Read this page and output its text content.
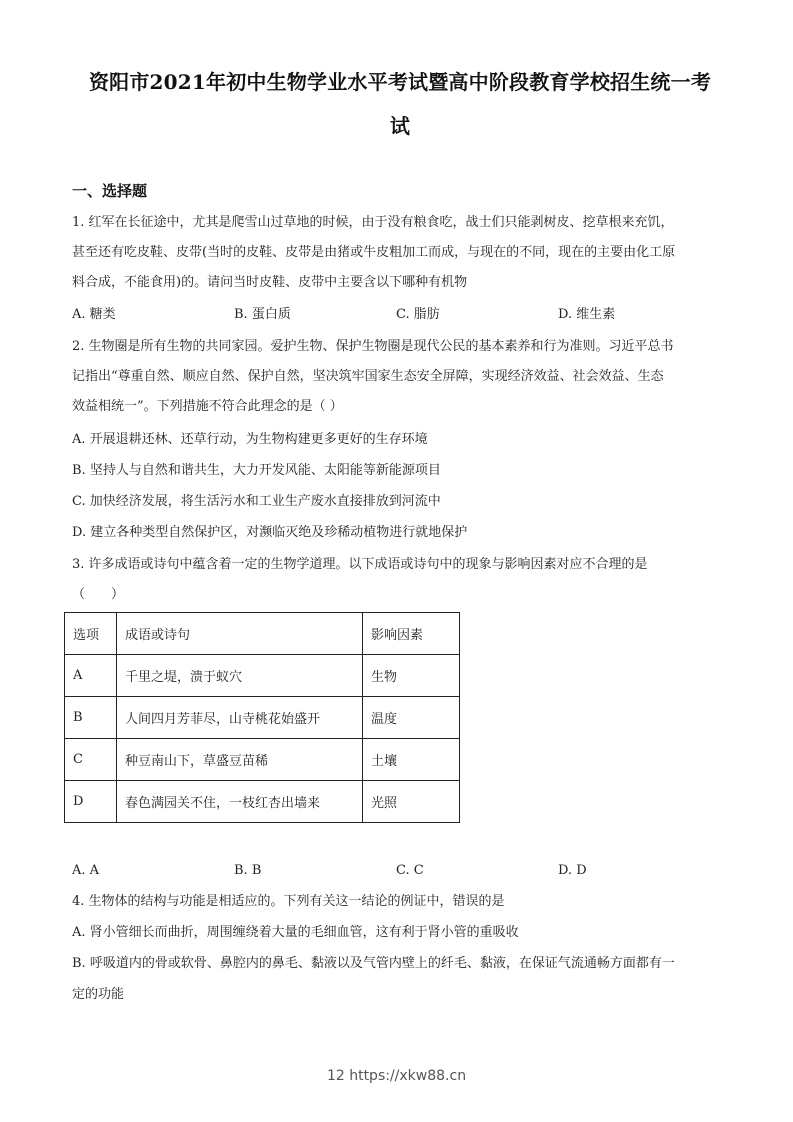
资阳市2021年初中生物学业水平考试暨高中阶段教育学校招生统一考
试
一、选择题
1. 红军在长征途中，尤其是爬雪山过草地的时候，由于没有粮食吃，战士们只能剥树皮、挖草根来充饥，
甚至还有吃皮鞋、皮带(当时的皮鞋、皮带是由猪或牛皮粗加工而成，与现在的不同，现在的主要由化工原
料合成，不能食用)的。请问当时皮鞋、皮带中主要含以下哪种有机物
A. 糖类	B. 蛋白质	C. 脂肪	D. 维生素
2. 生物圈是所有生物的共同家园。爱护生物、保护生物圈是现代公民的基本素养和行为准则。习近平总书
记指出“尊重自然、顺应自然、保护自然，坚决筑牢国家生态安全屏障，实现经济效益、社会效益、生态
效益相统一”。下列措施不符合此理念的是（ ）
A. 开展退耕还林、还草行动，为生物构建更多更好的生存环境
B. 坚持人与自然和谐共生，大力开发风能、太阳能等新能源项目
C. 加快经济发展，将生活污水和工业生产废水直接排放到河流中
D. 建立各种类型自然保护区，对濒临灭绝及珍稀动植物进行就地保护
3. 许多成语或诗句中蕴含着一定的生物学道理。以下成语或诗句中的现象与影响因素对应不合理的是
（　　）
选项	成语或诗句	影响因素
A	千里之堤，溃于蚁穴	生物
B	人间四月芳菲尽，山寺桃花始盛开	温度
C	种豆南山下，草盛豆苗稀	土壤
D	春色满园关不住，一枝红杏出墙来	光照
A. A	B. B	C. C	D. D
4. 生物体的结构与功能是相适应的。下列有关这一结论的例证中，错误的是
A. 肾小管细长而曲折，周围缠绕着大量的毛细血管，这有利于肾小管的重吸收
B. 呼吸道内的骨或软骨、鼻腔内的鼻毛、黏液以及气管内壁上的纤毛、黏液，在保证气流通畅方面都有一
定的功能
12 https://xkw88.cn
